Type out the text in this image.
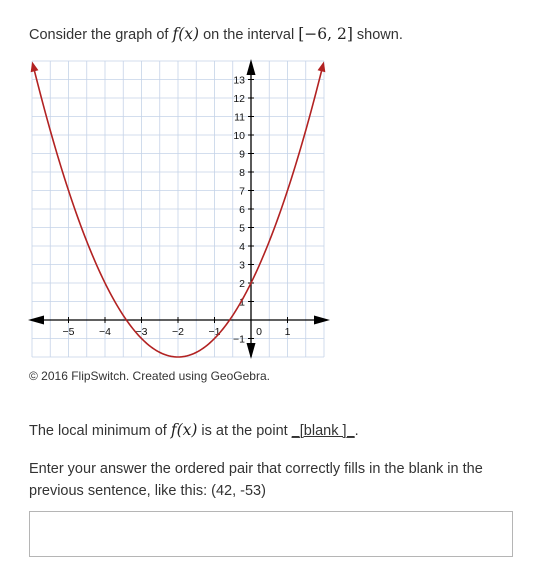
Consider the graph of f(x) on the interval [−6, 2] shown.
−5 −4 −3 −2 −1	0 1
−1
1
2
3
4
5
6
7
8
9
10
11
12
13
© 2016 FlipSwitch. Created using GeoGebra.
The local minimum of f(x) is at the point _[blank ]_.
Enter your answer the ordered pair that correctly fills in the blank in the previous sentence, like this: (42, -53)
